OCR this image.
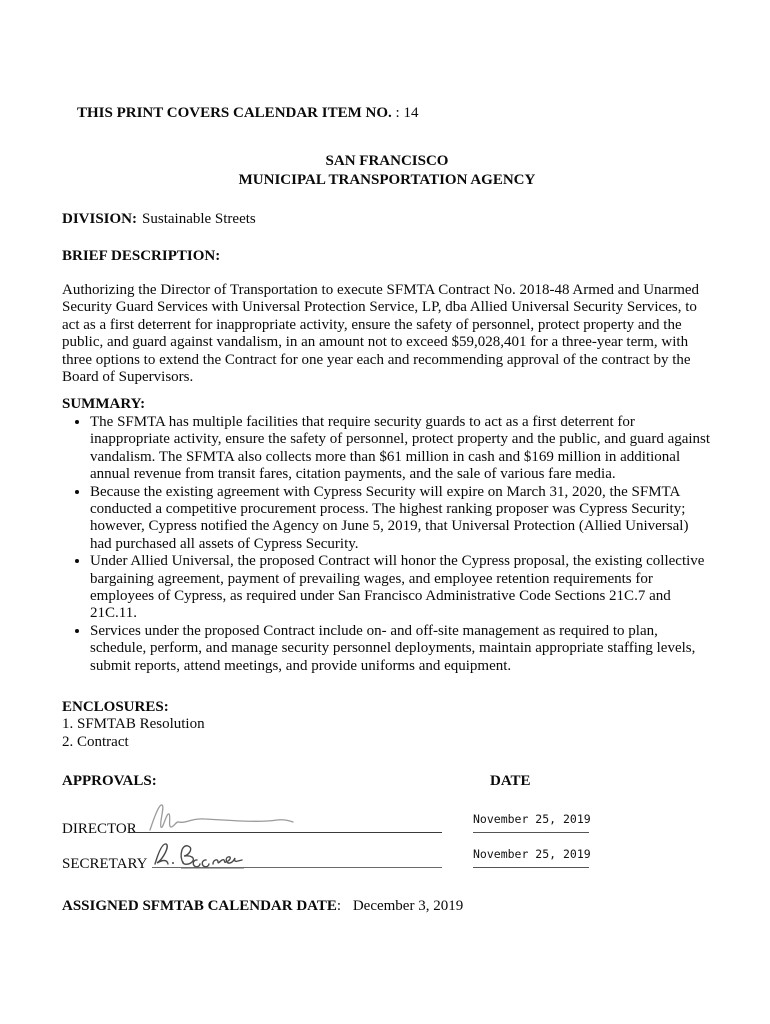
THIS PRINT COVERS CALENDAR ITEM NO. : 14

SAN FRANCISCO
MUNICIPAL TRANSPORTATION AGENCY
DIVISION: Sustainable Streets
BRIEF DESCRIPTION:
Authorizing the Director of Transportation to execute SFMTA Contract No. 2018-48 Armed and Unarmed Security Guard Services with Universal Protection Service, LP, dba Allied Universal Security Services, to act as a first deterrent for inappropriate activity, ensure the safety of personnel, protect property and the public, and guard against vandalism, in an amount not to exceed $59,028,401 for a three-year term, with three options to extend the Contract for one year each and recommending approval of the contract by the Board of Supervisors.
SUMMARY:
• The SFMTA has multiple facilities that require security guards to act as a first deterrent for inappropriate activity, ensure the safety of personnel, protect property and the public, and guard against vandalism. The SFMTA also collects more than $61 million in cash and $169 million in additional annual revenue from transit fares, citation payments, and the sale of various fare media.
• Because the existing agreement with Cypress Security will expire on March 31, 2020, the SFMTA conducted a competitive procurement process. The highest ranking proposer was Cypress Security; however, Cypress notified the Agency on June 5, 2019, that Universal Protection (Allied Universal) had purchased all assets of Cypress Security.
• Under Allied Universal, the proposed Contract will honor the Cypress proposal, the existing collective bargaining agreement, payment of prevailing wages, and employee retention requirements for employees of Cypress, as required under San Francisco Administrative Code Sections 21C.7 and 21C.11.
• Services under the proposed Contract include on- and off-site management as required to plan, schedule, perform, and manage security personnel deployments, maintain appropriate staffing levels, submit reports, attend meetings, and provide uniforms and equipment.
ENCLOSURES:
1. SFMTAB Resolution
2. Contract
APPROVALS:	DATE
DIRECTOR
November 25, 2019
SECRETARY
November 25, 2019
ASSIGNED SFMTAB CALENDAR DATE: December 3, 2019
